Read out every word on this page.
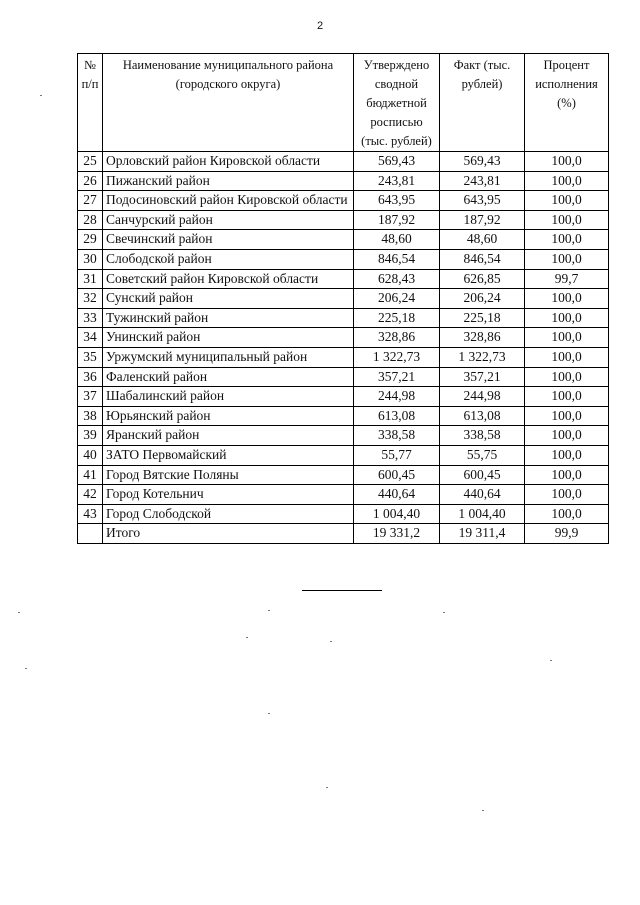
2
№ п/п	Наименование муниципального района (городского округа)	Утверждено сводной бюджетной росписью (тыс. рублей)	Факт (тыс. рублей)	Процент исполнения (%)
25	Орловский район Кировской области	569,43	569,43	100,0
26	Пижанский район	243,81	243,81	100,0
27	Подосиновский район Кировской области	643,95	643,95	100,0
28	Санчурский район	187,92	187,92	100,0
29	Свечинский район	48,60	48,60	100,0
30	Слободской район	846,54	846,54	100,0
31	Советский район Кировской области	628,43	626,85	99,7
32	Сунский район	206,24	206,24	100,0
33	Тужинский район	225,18	225,18	100,0
34	Унинский район	328,86	328,86	100,0
35	Уржумский муниципальный район	1 322,73	1 322,73	100,0
36	Фаленский район	357,21	357,21	100,0
37	Шабалинский район	244,98	244,98	100,0
38	Юрьянский район	613,08	613,08	100,0
39	Яранский район	338,58	338,58	100,0
40	ЗАТО Первомайский	55,77	55,75	100,0
41	Город Вятские Поляны	600,45	600,45	100,0
42	Город Котельнич	440,64	440,64	100,0
43	Город Слободской	1 004,40	1 004,40	100,0
	Итого	19 331,2	19 311,4	99,9
